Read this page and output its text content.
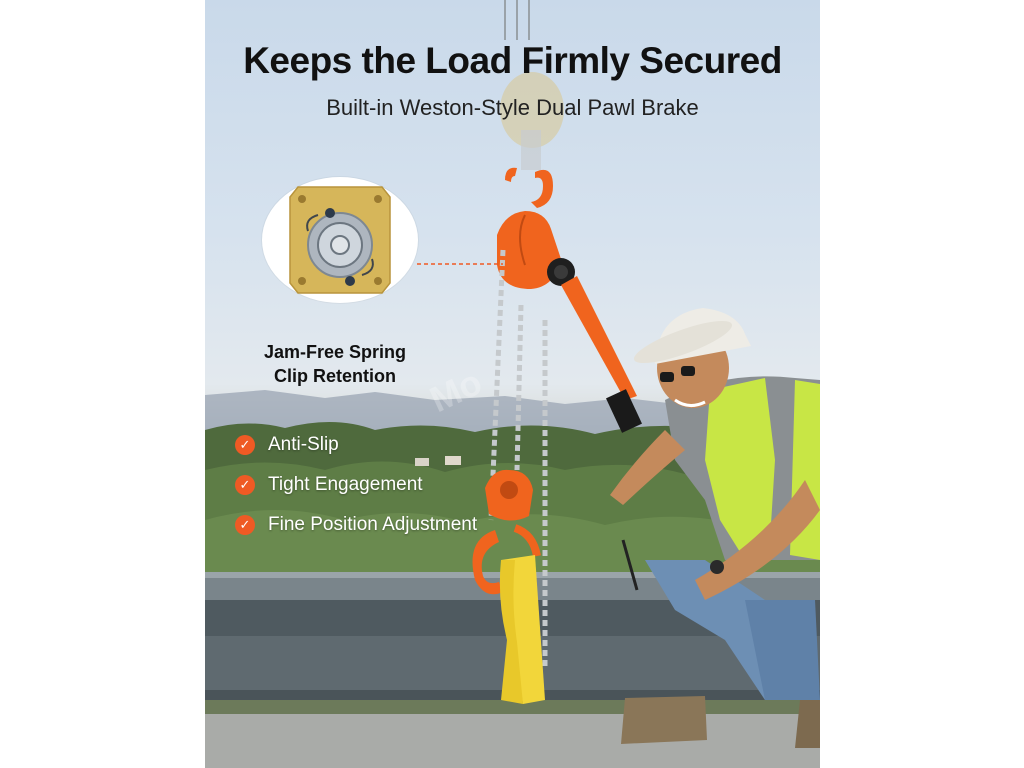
Keeps the Load Firmly Secured
Built-in Weston-Style Dual Pawl Brake
Mo
Jam-Free Spring
Clip Retention
✓ Anti-Slip
✓ Tight Engagement
✓ Fine Position Adjustment
